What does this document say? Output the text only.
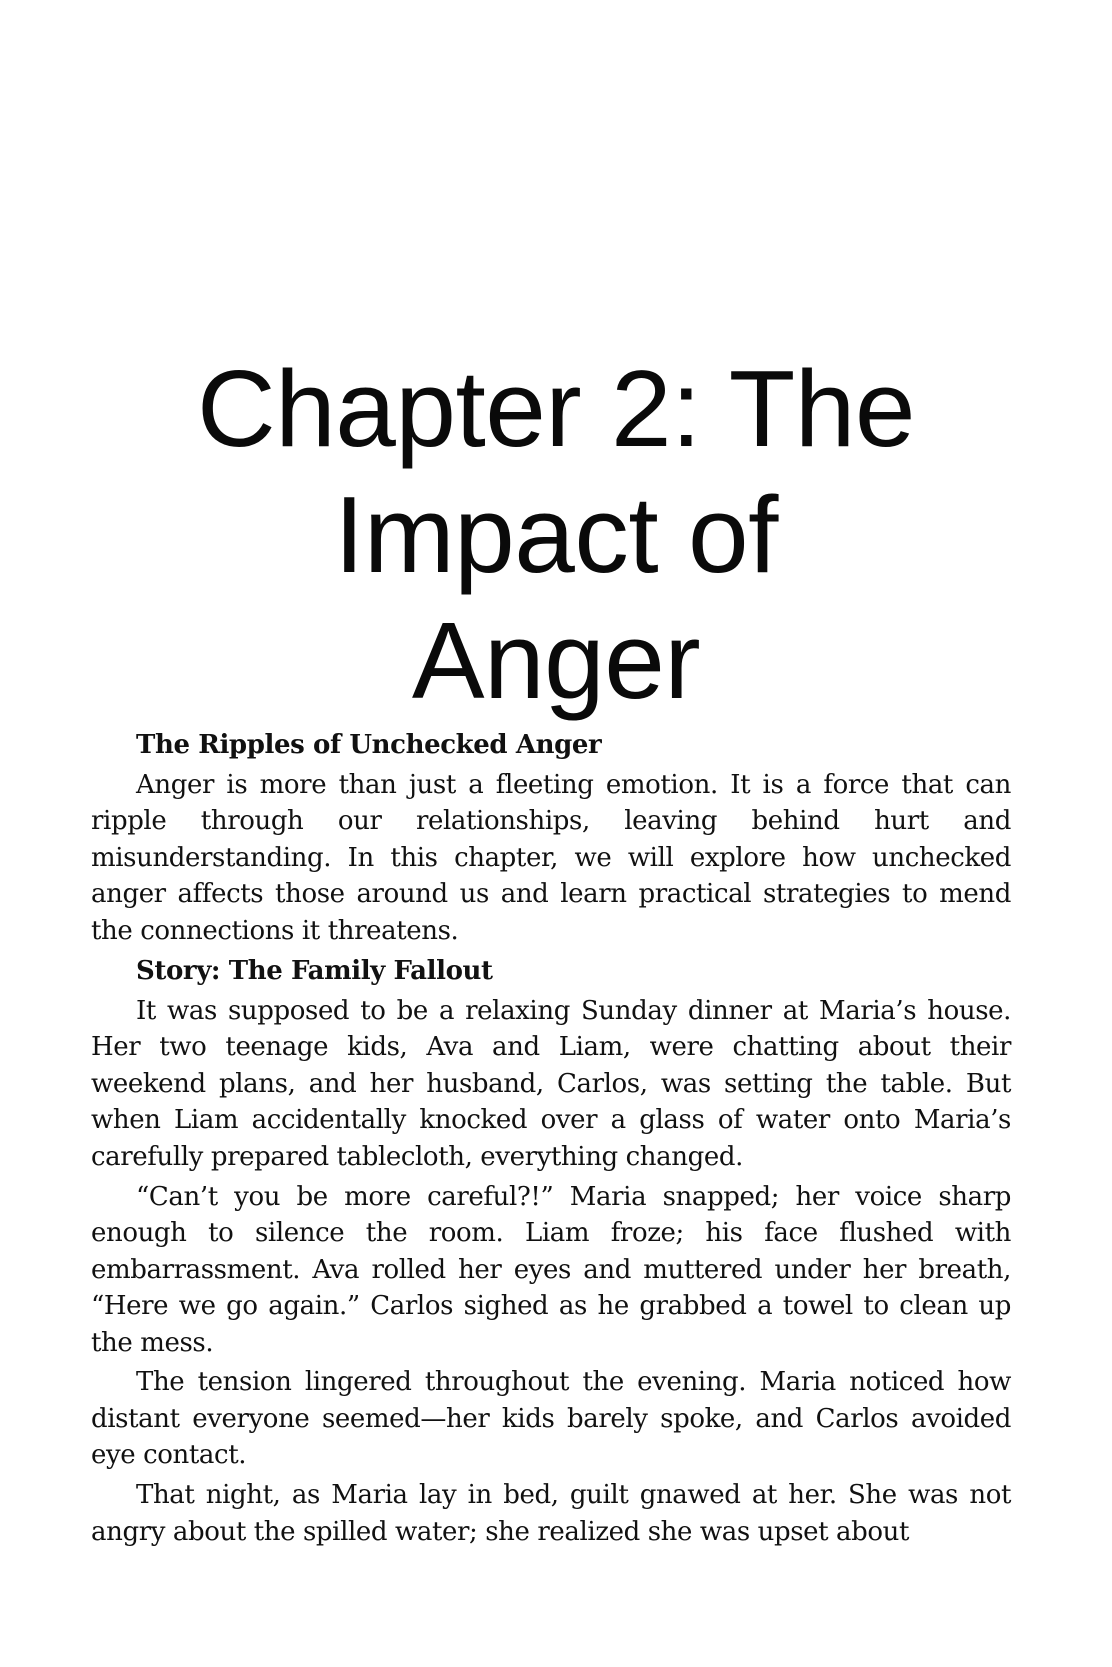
Chapter 2: The
Impact of
Anger

The Ripples of Unchecked Anger

Anger is more than just a fleeting emotion. It is a force that can ripple through our relationships, leaving behind hurt and misunderstanding. In this chapter, we will explore how unchecked anger affects those around us and learn practical strategies to mend the connections it threatens.

Story: The Family Fallout

It was supposed to be a relaxing Sunday dinner at Maria’s house. Her two teenage kids, Ava and Liam, were chatting about their weekend plans, and her husband, Carlos, was setting the table. But when Liam accidentally knocked over a glass of water onto Maria’s carefully prepared tablecloth, everything changed.

“Can’t you be more careful?!” Maria snapped; her voice sharp enough to silence the room. Liam froze; his face flushed with embarrassment. Ava rolled her eyes and muttered under her breath, “Here we go again.” Carlos sighed as he grabbed a towel to clean up the mess.

The tension lingered throughout the evening. Maria noticed how distant everyone seemed—her kids barely spoke, and Carlos avoided eye contact.

That night, as Maria lay in bed, guilt gnawed at her. She was not angry about the spilled water; she realized she was upset about
